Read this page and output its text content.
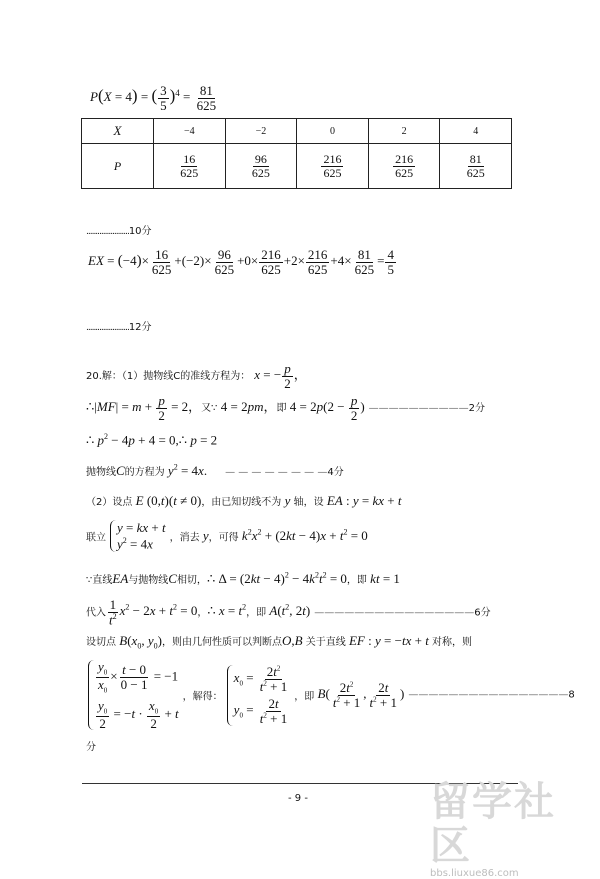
P(X = 4) = ( $\frac{3}{5} )^4 = \frac{81}{625}$
X	−4	−2	0	2	4
P	$\frac{16}{625}$	$\frac{96}{625}$	$\frac{216}{625}$	$\frac{216}{625}$	$\frac{81}{625}$
.......................10分
EX = $(-4)\times \frac{16}{625} +(-2)\times \frac{96}{625} +0\times \frac{216}{625} +2\times \frac{216}{625} +4\times \frac{81}{625} = \frac{4}{5}$
.......................12分
20.解：（1）抛物线C的准线方程为： x = − $\frac{p}{2}$ ，
∴|MF| = $m + \frac{p}{2} = 2$，又∵ 4 = 2pm，即 $4 = 2p(2 - \frac{p}{2}$ ) ——————————2分
∴ $p^2 - 4p + 4$ = 0,∴ p = 2
抛物线C的方程为 $y^2 = 4x$. — — — — — — — —4分
（2）设点 E (0,t)(t ≠ 0)，由已知切线不为 y 轴，设 EA : y = kx + t
联立
y = kx + t
$y^2 = 4x$	，消去 y，可得 $k^2x^2 + (2kt - 4)x + t^2 = 0$
∵直线EA与抛物线C相切，∴ $\Delta = (2kt - 4)^2 - 4k^2t^2 = 0$，即 kt = 1
代入 $\frac{1}{t^2} x^2 - 2x + t^2 = 0$，∴ $x = t^2$，即 $A(t^2$, 2t) ————————————————6分
设切点 $B(x_0$, $y_0$)，则由几何性质可以判断点O,B 关于直线 EF : y = −tx + t 对称，则
$\frac{y_0}{x_0} \times \frac{t - 0}{0 - 1} = -1$
$\frac{y_0}{2} = -t \cdot \frac{x_0}{2} + t$
，解得：
$x_0 = \frac{2t^2}{t^2 + 1}$
$y_0 = \frac{2t}{t^2 + 1}$ ，即 $B( \frac{2t^2}{t^2 + 1}$ , $\frac{2t}{t^2 + 1}$ ) ————————————————8
分
- 9 -	留学社区
bbs.liuxue86.com
